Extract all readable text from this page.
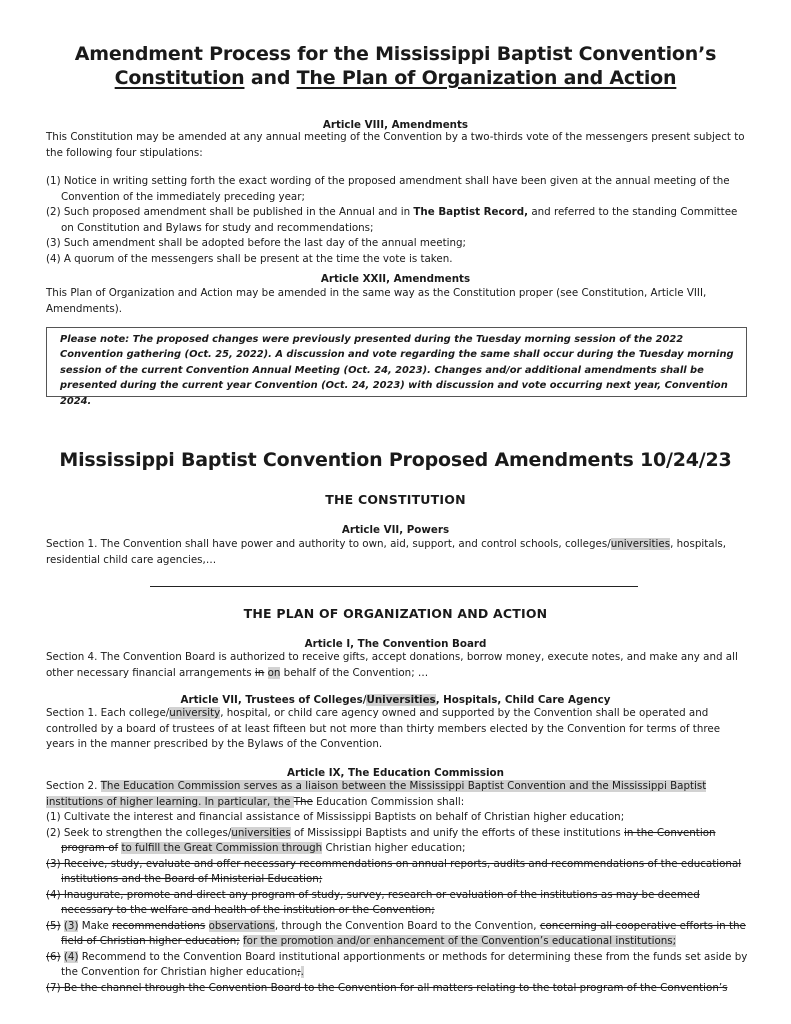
Amendment Process for the Mississippi Baptist Convention’s
Constitution and The Plan of Organization and Action
Article VIII, Amendments

This Constitution may be amended at any annual meeting of the Convention by a two-thirds vote of the messengers present subject to the following four stipulations:

(1) Notice in writing setting forth the exact wording of the proposed amendment shall have been given at the annual meeting of the Convention of the immediately preceding year;
(2) Such proposed amendment shall be published in the Annual and in The Baptist Record, and referred to the standing Committee on Constitution and Bylaws for study and recommendations;
(3) Such amendment shall be adopted before the last day of the annual meeting;
(4) A quorum of the messengers shall be present at the time the vote is taken.
Article XXII, Amendments

This Plan of Organization and Action may be amended in the same way as the Constitution proper (see Constitution, Article VIII, Amendments).

Please note: The proposed changes were previously presented during the Tuesday morning session of the 2022 Convention gathering (Oct. 25, 2022). A discussion and vote regarding the same shall occur during the Tuesday morning session of the current Convention Annual Meeting (Oct. 24, 2023). Changes and/or additional amendments shall be presented during the current year Convention (Oct. 24, 2023) with discussion and vote occurring next year, Convention 2024.
Mississippi Baptist Convention Proposed Amendments 10/24/23
THE CONSTITUTION
Article VII, Powers

Section 1. The Convention shall have power and authority to own, aid, support, and control schools, colleges/universities, hospitals, residential child care agencies,…

THE PLAN OF ORGANIZATION AND ACTION
Article I, The Convention Board

Section 4. The Convention Board is authorized to receive gifts, accept donations, borrow money, execute notes, and make any and all other necessary financial arrangements in on behalf of the Convention; …

Article VII, Trustees of Colleges/Universities, Hospitals, Child Care Agency

Section 1. Each college/university, hospital, or child care agency owned and supported by the Convention shall be operated and controlled by a board of trustees of at least fifteen but not more than thirty members elected by the Convention for terms of three years in the manner prescribed by the Bylaws of the Convention.

Article IX, The Education Commission

Section 2. The Education Commission serves as a liaison between the Mississippi Baptist Convention and the Mississippi Baptist institutions of higher learning. In particular, the The Education Commission shall:

(1) Cultivate the interest and financial assistance of Mississippi Baptists on behalf of Christian higher education;
(2) Seek to strengthen the colleges/universities of Mississippi Baptists and unify the efforts of these institutions in the Convention program of to fulfill the Great Commission through Christian higher education;
(3) Receive, study, evaluate and offer necessary recommendations on annual reports, audits and recommendations of the educational institutions and the Board of Ministerial Education;
(4) Inaugurate, promote and direct any program of study, survey, research or evaluation of the institutions as may be deemed necessary to the welfare and health of the institution or the Convention;
(5) (3) Make recommendations observations, through the Convention Board to the Convention, concerning all cooperative efforts in the field of Christian higher education; for the promotion and/or enhancement of the Convention’s educational institutions;
(6) (4) Recommend to the Convention Board institutional apportionments or methods for determining these from the funds set aside by the Convention for Christian higher education;.
(7) Be the channel through the Convention Board to the Convention for all matters relating to the total program of the Convention’s
